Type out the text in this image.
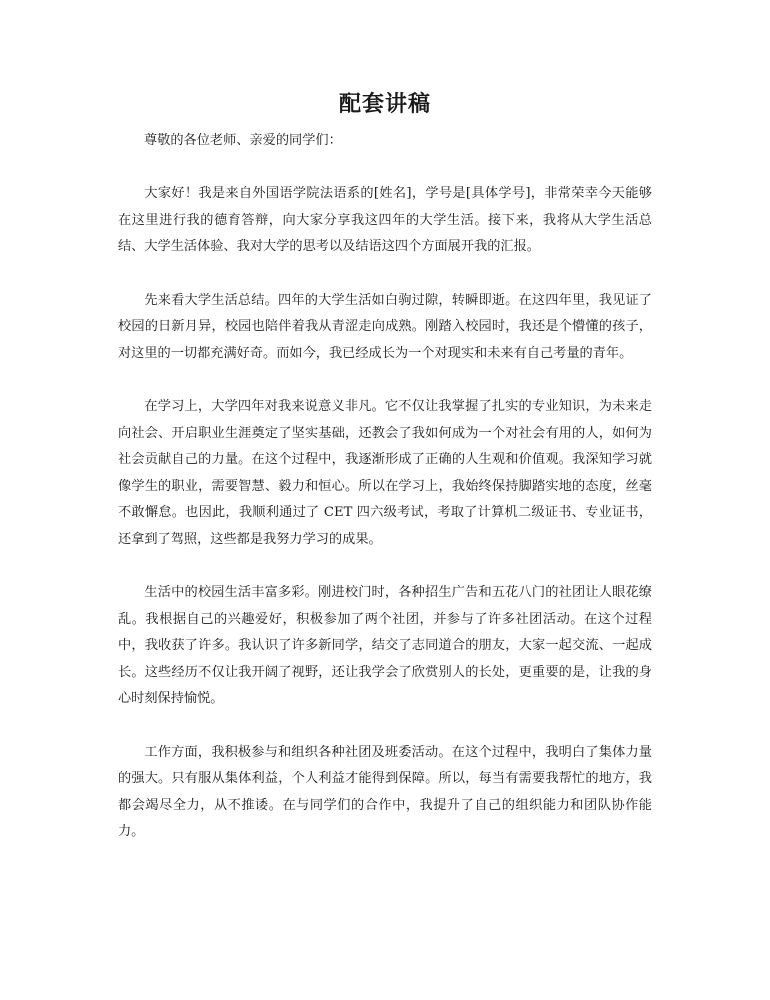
配套讲稿

尊敬的各位老师、亲爱的同学们：

大家好！我是来自外国语学院法语系的[姓名]，学号是[具体学号]，非常荣幸今天能够在这里进行我的德育答辩，向大家分享我这四年的大学生活。接下来，我将从大学生活总结、大学生活体验、我对大学的思考以及结语这四个方面展开我的汇报。

先来看大学生活总结。四年的大学生活如白驹过隙，转瞬即逝。在这四年里，我见证了校园的日新月异，校园也陪伴着我从青涩走向成熟。刚踏入校园时，我还是个懵懂的孩子，对这里的一切都充满好奇。而如今，我已经成长为一个对现实和未来有自己考量的青年。

在学习上，大学四年对我来说意义非凡。它不仅让我掌握了扎实的专业知识，为未来走向社会、开启职业生涯奠定了坚实基础，还教会了我如何成为一个对社会有用的人，如何为社会贡献自己的力量。在这个过程中，我逐渐形成了正确的人生观和价值观。我深知学习就像学生的职业，需要智慧、毅力和恒心。所以在学习上，我始终保持脚踏实地的态度，丝毫不敢懈怠。也因此，我顺利通过了 CET 四六级考试，考取了计算机二级证书、专业证书，还拿到了驾照，这些都是我努力学习的成果。

生活中的校园生活丰富多彩。刚进校门时，各种招生广告和五花八门的社团让人眼花缭乱。我根据自己的兴趣爱好，积极参加了两个社团，并参与了许多社团活动。在这个过程中，我收获了许多。我认识了许多新同学，结交了志同道合的朋友，大家一起交流、一起成长。这些经历不仅让我开阔了视野，还让我学会了欣赏别人的长处，更重要的是，让我的身心时刻保持愉悦。

工作方面，我积极参与和组织各种社团及班委活动。在这个过程中，我明白了集体力量的强大。只有服从集体利益，个人利益才能得到保障。所以，每当有需要我帮忙的地方，我都会竭尽全力，从不推诿。在与同学们的合作中，我提升了自己的组织能力和团队协作能力。
